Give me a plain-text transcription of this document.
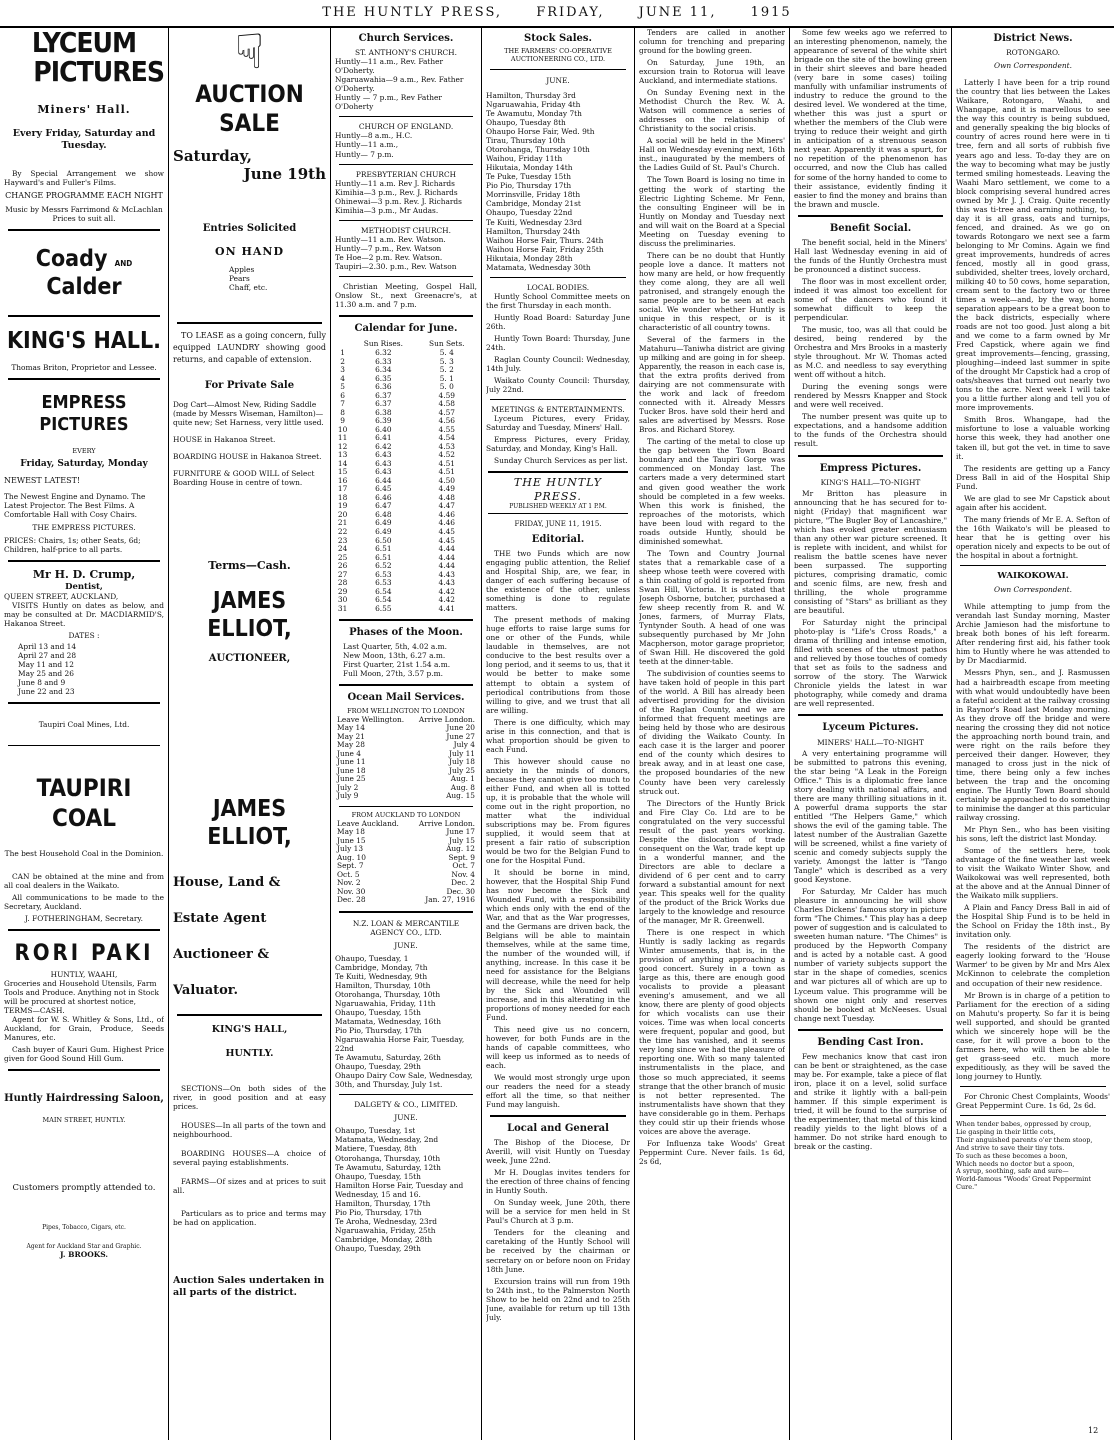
THE HUNTLY PRESS,	FRIDAY,	JUNE 11,	1915
LYCEUM
PICTURES
Miners' Hall.
Every Friday, Saturday and Tuesday.

By Special Arrangement we show Hayward's and Fuller's Films.

CHANGE PROGRAMME EACH NIGHT
Music by Messrs Farrimond & McLachlan Prices to suit all.
Coady AND Calder
KING'S HALL.
Thomas Briton, Proprietor and Lessee.
EMPRESS PICTURES
EVERY
Friday, Saturday, Monday
NEWEST LATEST!
The Newest Engine and Dynamo. The Latest Projector. The Best Films. A Comfortable Hall with Cosy Chairs.
THE EMPRESS PICTURES.
PRICES: Chairs, 1s; other Seats, 6d; Children, half-price to all parts.
Mr H. D. Crump,
Dentist,
QUEEN STREET, AUCKLAND,

VISITS Huntly on dates as below, and may be consulted at Dr. MACDIARMID'S, Hakanoa Street.

DATES :
April 13 and 14
April 27 and 28
May 11 and 12
May 25 and 26
June 8 and 9
June 22 and 23
Taupiri Coal Mines, Ltd.
TAUPIRI COAL
The best Household Coal in the Dominion.

CAN be obtained at the mine and from all coal dealers in the Waikato.

All communications to be made to the Secretary, Auckland.

J. FOTHERINGHAM, Secretary.
RORI PAKI
HUNTLY, WAAHI,
Groceries and Household Utensils, Farm Tools and Produce. Anything not in Stock will be procured at shortest notice, TERMS—CASH.

Agent for W. S. Whitley & Sons, Ltd., of Auckland, for Grain, Produce, Seeds Manures, etc.

Cash buyer of Kauri Gum. Highest Price given for Good Sound Hill Gum.

Huntly Hairdressing Saloon,
MAIN STREET, HUNTLY.
Customers promptly attended to.
Pipes, Tobacco, Cigars, etc.
Agent for Auckland Star and Graphic.
J. BROOKS.
☟
AUCTION SALE
Saturday,
June 19th
Entries Solicited
ON HAND
Apples
Pears
Chaff, etc.

TO LEASE as a going concern, fully equipped LAUNDRY showing good returns, and capable of extension.

For Private Sale
Dog Cart—Almost New, Riding Saddle (made by Messrs Wiseman, Hamilton)—quite new; Set Harness, very little used.
HOUSE in Hakanoa Street.
BOARDING HOUSE in Hakanoa Street.
FURNITURE & GOOD WILL of Select Boarding House in centre of town.
Terms—Cash.
JAMES ELLIOT,
AUCTIONEER,
JAMES ELLIOT,
House, Land &
Estate Agent
Auctioneer &
Valuator.
KING'S HALL,
HUNTLY.

SECTIONS—On both sides of the river, in good position and at easy prices.

HOUSES—In all parts of the town and neighbourhood.

BOARDING HOUSES—A choice of several paying establishments.

FARMS—Of sizes and at prices to suit all.

Particulars as to price and terms may be had on application.

Auction Sales undertaken in all parts of the district.
Church Services.
ST. ANTHONY'S CHURCH.
Huntly—11 a.m., Rev. Father O'Doherty.
Ngaruawahia—9 a.m., Rev. Father O'Doherty.
Huntly — 7 p.m., Rev Father O'Doherty
CHURCH OF ENGLAND.
Huntly—8 a.m., H.C.
Huntly—11 a.m.,
Huntly— 7 p.m.
PRESBYTERIAN CHURCH
Huntly—11 a.m. Rev J. Richards
Kimihia—3 p.m., Rev. J. Richards
Ohinewai—3 p.m. Rev. J. Richards
Kimihia—3 p.m., Mr Audas.
METHODIST CHURCH.
Huntly—11 a.m. Rev. Watson.
Huntly—7 p.m., Rev. Watson
Te Hoe—2 p.m. Rev. Watson.
Taupiri—2.30. p.m., Rev. Watson

Christian Meeting, Gospel Hall, Onslow St., next Greenacre's, at 11.30 a.m. and 7 p.m.

Calendar for June.
	Sun Rises.	Sun Sets.
1	6.32	5. 4
2	6.33	5. 3
3	6.34	5. 2
4	6.35	5. 1
5	6.36	5. 0
6	6.37	4.59
7	6.37	4.58
8	6.38	4.57
9	6.39	4.56
10	6.40	4.55
11	6.41	4.54
12	6.42	4.53
13	6.43	4.52
14	6.43	4.51
15	6.43	4.51
16	6.44	4.50
17	6.45	4.49
18	6.46	4.48
19	6.47	4.47
20	6.48	4.46
21	6.49	4.46
22	6.49	4.45
23	6.50	4.45
24	6.51	4.44
25	6.51	4.44
26	6.52	4.44
27	6.53	4.43
28	6.53	4.43
29	6.54	4.42
30	6.54	4.42
31	6.55	4.41
Phases of the Moon.
Last Quarter, 5th, 4.02 a.m.
New Moon, 13th, 6.27 a.m.
First Quarter, 21st 1.54 a.m.
Full Moon, 27th, 3.57 p.m.
Ocean Mail Services.
FROM WELLINGTON TO LONDON
Leave Wellington.	Arrive London.
May 14	June 20
May 21	June 27
May 28	July 4
June 4	July 11
June 11	July 18
June 18	July 25
June 25	Aug. 1
July 2	Aug. 8
July 9	Aug. 15
FROM AUCKLAND TO LONDON
Leave Auckland.	Arrive London.
May 18	June 17
June 15	July 15
July 13	Aug. 12
Aug. 10	Sept. 9
Sept. 7	Oct. 7
Oct. 5	Nov. 4
Nov. 2	Dec. 2
Nov. 30	Dec. 30
Dec. 28	Jan. 27, 1916
N.Z. LOAN & MERCANTILE AGENCY CO., LTD.
JUNE.
Ohaupo, Tuesday, 1
Cambridge, Monday, 7th
Te Kuiti, Wednesday, 9th
Hamilton, Thursday, 10th
Otorohanga, Thursday, 10th
Ngaruawahia, Friday, 11th
Ohaupo, Tuesday, 15th
Matamata, Wednesday, 16th
Pio Pio, Thursday, 17th
Ngaruawahia Horse Fair, Tuesday, 22nd
Te Awamutu, Saturday, 26th
Ohaupo, Tuesday, 29th
Ohaupo Dairy Cow Sale, Wednesday, 30th, and Thursday, July 1st.
DALGETY & CO., LIMITED.
JUNE.
Ohaupo, Tuesday, 1st
Matamata, Wednesday, 2nd
Matiere, Tuesday, 8th
Otorohanga, Thursday, 10th
Te Awamutu, Saturday, 12th
Ohaupo, Tuesday, 15th
Hamilton Horse Fair, Tuesday and Wednesday, 15 and 16.
Hamilton, Thursday, 17th
Pio Pio, Thursday, 17th
Te Aroha, Wednesday, 23rd
Ngaruawahia, Friday, 25th
Cambridge, Monday, 28th
Ohaupo, Tuesday, 29th
Stock Sales.
THE FARMERS' CO-OPERATIVE AUCTIONEERING CO., LTD.
JUNE.
Hamilton, Thursday 3rd
Ngaruawahia, Friday 4th
Te Awamutu, Monday 7th
Ohaupo, Tuesday 8th
Ohaupo Horse Fair, Wed. 9th
Tirau, Thursday 10th
Otorohanga, Thursday 10th
Waihou, Friday 11th
Hikutaia, Monday 14th
Te Puke, Tuesday 15th
Pio Pio, Thursday 17th
Morrinsville, Friday 18th
Cambridge, Monday 21st
Ohaupo, Tuesday 22nd
Te Kuiti, Wednesday 23rd
Hamilton, Thursday 24th
Waihou Horse Fair, Thurs. 24th
Waihou Horse Fair, Friday 25th
Hikutaia, Monday 28th
Matamata, Wednesday 30th
LOCAL BODIES.

Huntly School Committee meets on the first Thursday in each month.

Huntly Road Board: Saturday June 26th.

Huntly Town Board: Thursday, June 24th.

Raglan County Council: Wednesday, 14th July.

Waikato County Council: Thursday, July 22nd.

MEETINGS & ENTERTAINMENTS.

Lyceum Pictures, every Friday, Saturday and Tuesday, Miners' Hall.

Empress Pictures, every Friday, Saturday, and Monday, King's Hall.

Sunday Church Services as per list.

THE HUNTLY PRESS.
PUBLISHED WEEKLY AT 1 P.M.
FRIDAY, JUNE 11, 1915.
Editorial.

THE two Funds which are now engaging public attention, the Relief and Hospital Ship, are, we fear, in danger of each suffering because of the existence of the other, unless something is done to regulate matters.

The present methods of making huge efforts to raise large sums for one or other of the Funds, while laudable in themselves, are not conducive to the best results over a long period, and it seems to us, that it would be better to make some attempt to obtain a system of periodical contributions from those willing to give, and we trust that all are willing.

There is one difficulty, which may arise in this connection, and that is what proportion should be given to each Fund.

This however should cause no anxiety in the minds of donors, because they cannot give too much to either Fund, and when all is totted up, it is probable that the whole will come out in the right proportion, no matter what the individual subscriptions may be. From figures supplied, it would seem that at present a fair ratio of subscription would be two for the Belgian Fund to one for the Hospital Fund.

It should be borne in mind, however, that the Hospital Ship Fund has now become the Sick and Wounded Fund, with a responsibility which ends only with the end of the War, and that as the War progresses, and the Germans are driven back, the Belgians will be able to maintain themselves, while at the same time, the number of the wounded will, if anything, increase. In this case it be need for assistance for the Belgians will decrease, while the need for help by the Sick and Wounded will increase, and in this alterating in the proportions of money needed for each Fund.

This need give us no concern, however, for both Funds are in the hands of capable committees, who will keep us informed as to needs of each.

We would most strongly urge upon our readers the need for a steady effort all the time, so that neither Fund may languish.

Local and General

The Bishop of the Diocese, Dr Averill, will visit Huntly on Tuesday week, June 22nd.

Mr H. Douglas invites tenders for the erection of three chains of fencing in Huntly South.

On Sunday week, June 20th, there will be a service for men held in St Paul's Church at 3 p.m.

Tenders for the cleaning and caretaking of the Huntly School will be received by the chairman or secretary on or before noon on Friday 18th June.

Excursion trains will run from 19th to 24th inst., to the Palmerston North Show to be held on 22nd and to 25th June, available for return up till 13th July.

Tenders are called in another column for trenching and preparing ground for the bowling green.

On Saturday, June 19th, an excursion train to Rotorua will leave Auckland, and intermediate stations.

On Sunday Evening next in the Methodist Church the Rev. W. A. Watson will commence a series of addresses on the relationship of Christianity to the social crisis.

A social will be held in the Miners' Hall on Wednesday evening next, 16th inst., inaugurated by the members of the Ladies Guild of St. Paul's Church.

The Town Board is losing no time in getting the work of starting the Electric Lighting Scheme. Mr Fenn, the consulting Engineer will be in Huntly on Monday and Tuesday next and will wait on the Board at a Special Meeting on Tuesday evening to discuss the preliminaries.

There can be no doubt that Huntly people love a dance. It matters not how many are held, or how frequently they come along, they are all well patronised, and strangely enough the same people are to be seen at each social. We wonder whether Huntly is unique in this respect, or is it characteristic of all country towns.

Several of the farmers in the Matahuru—Taniwha district are giving up milking and are going in for sheep. Apparently, the reason in each case is, that the extra profits derived from dairying are not commensurate with the work and lack of freedom connected with it. Already Messrs Tucker Bros. have sold their herd and sales are advertised by Messrs. Rose Bros. and Richard Storey.

The carting of the metal to close up the gap between the Town Board boundary and the Taupiri Gorge was commenced on Monday last. The carters made a very determined start and given good weather the work should be completed in a few weeks. When this work is finished, the reproaches of the motorists, which have been loud with regard to the roads outside Huntly, should be diminished somewhat.

The Town and Country Journal states that a remarkable case of a sheep whose teeth were covered with a thin coating of gold is reported from Swan Hill, Victoria. It is stated that Joseph Osborne, butcher, purchased a few sheep recently from R. and W. Jones, farmers, of Murray Flats, Tyntynder South. A head of one was subsequently purchased by Mr John Macpherson, motor garage proprietor, of Swan Hill. He discovered the gold teeth at the dinner-table.

The subdivision of counties seems to have taken hold of people in this part of the world. A Bill has already been advertised providing for the division of the Raglan County, and we are informed that frequent meetings are being held by those who are desirous of dividing the Waikato County. In each case it is the larger and poorer end of the county which desires to break away, and in at least one case, the proposed boundaries of the new County have been very carelessly struck out.

The Directors of the Huntly Brick and Fire Clay Co. Ltd are to be congratulated on the very successful result of the past years working. Despite the dislocation of trade consequent on the War, trade kept up in a wonderful manner, and the Directors are able to declare a dividend of 6 per cent and to carry forward a substantial amount for next year. This speaks well for the quality of the product of the Brick Works due largely to the knowledge and resource of the manager, Mr R. Greenwell.

There is one respect in which Huntly is sadly lacking as regards Winter amusements, that is, in the provision of anything approaching a good concert. Surely in a town as large as this, there are enough good vocalists to provide a pleasant evening's amusement, and we all know, there are plenty of good objects for which vocalists can use their voices. Time was when local concerts were frequent, popular and good, but the time has vanished, and it seems very long since we had the pleasure of reporting one. With so many talented instrumentalists in the place, and those so much appreciated, it seems strange that the other branch of music is not better represented. The instrumentalists have shown that they have considerable go in them. Perhaps they could stir up their friends whose voices are above the average.

For Influenza take Woods' Great Peppermint Cure. Never fails. 1s 6d, 2s 6d,

Some few weeks ago we referred to an interesting phenomenon, namely, the appearance of several of the white shirt brigade on the site of the bowling green in their shirt sleeves and bare headed (very bare in some cases) toiling manfully with unfamiliar instruments of industry to reduce the ground to the desired level. We wondered at the time, whether this was just a spurt or whether the members of the Club were trying to reduce their weight and girth in anticipation of a strenuous season next year. Apparently it was a spurt, for no repetition of the phenomenon has occurred, and now the Club has called for some of the horny handed to come to their assistance, evidently finding it easier to find the money and brains than the brawn and muscle.

Benefit Social.

The benefit social, held in the Miners' Hall last Wednesday evening in aid of the funds of the Huntly Orchestra must be pronounced a distinct success.

The floor was in most excellent order, indeed it was almost too excellent for some of the dancers who found it somewhat difficult to keep the perpendicular.

The music, too, was all that could be desired, being rendered by the Orchestra and Mrs Brooks in a masterly style throughout. Mr W. Thomas acted as M.C. and needless to say everything went off without a hitch.

During the evening songs were rendered by Messrs Knapper and Stock and were well received.

The number present was quite up to expectations, and a handsome addition to the funds of the Orchestra should result.

Empress Pictures.
KING'S HALL—TO-NIGHT

Mr Britton has pleasure in announcing that he has secured for to-night (Friday) that magnificent war picture, "The Bugler Boy of Lancashire," which has evoked greater enthusiasm than any other war picture screened. It is replete with incident, and whilst for realism the battle scenes have never been surpassed. The supporting pictures, comprising dramatic, comic and scenic films, are new, fresh and thrilling, the whole programme consisting of "Stars" as brilliant as they are beautiful.

For Saturday night the principal photo-play is "Life's Cross Roads," a drama of thrilling and intense emotion, filled with scenes of the utmost pathos and relieved by those touches of comedy that set as foils to the sadness and sorrow of the story. The Warwick Chronicle yields the latest in war photography, while comedy and drama are well represented.

Lyceum Pictures.
MINERS' HALL—TO-NIGHT

A very entertaining programme will be submitted to patrons this evening, the star being "A Leak in the Foreign Office." This is a diplomatic free lance story dealing with national affairs, and there are many thrilling situations in it. A powerful drama supports the star entitled "The Helpers Game," which shows the evil of the gaming table. The latest number of the Australian Gazette will be screened, whilst a fine variety of scenic and comedy subjects supply the variety. Amongst the latter is "Tango Tangle" which is described as a very good Keystone.

For Saturday, Mr Calder has much pleasure in announcing he will show Charles Dickens' famous story in picture form "The Chimes." This play has a deep power of suggestion and is calculated to sweeten human nature. "The Chimes" is produced by the Hepworth Company and is acted by a notable cast. A good number of variety subjects support the star in the shape of comedies, scenics and war pictures all of which are up to Lyceum value. This programme will be shown one night only and reserves should be booked at McNeeses. Usual change next Tuesday.

Bending Cast Iron.

Few mechanics know that cast iron can be bent or straightened, as the case may be. For example, take a piece of flat iron, place it on a level, solid surface and strike it lightly with a ball-pein hammer. If this simple experiment is tried, it will be found to the surprise of the experimenter, that metal of this kind readily yields to the light blows of a hammer. Do not strike hard enough to break or the casting.

District News.
ROTONGARO.
Own Correspondent.

Latterly I have been for a trip round the country that lies between the Lakes Waikare, Rotongaro, Waahi, and Whangape, and it is marvellous to see the way this country is being subdued, and generally speaking the big blocks of country of acres round here were in ti tree, fern and all sorts of rubbish five years ago and less. To-day they are on the way to becoming what may be justly termed smiling homesteads. Leaving the Waahi Maro settlement, we come to a block comprising several hundred acres owned by Mr J. J. Craig. Quite recently this was ti-tree and earning nothing, to-day it is all grass, oats and turnips, fenced, and drained. As we go on towards Rotongaro we next see a farm belonging to Mr Comins. Again we find great improvements, hundreds of acres fenced, mostly all in good grass, subdivided, shelter trees, lovely orchard, milking 40 to 50 cows, home separation, cream sent to the factory two or three times a week—and, by the way, home separation appears to be a great boon to the back districts, especially where roads are not too good. Just along a bit and we come to a farm owned by Mr Fred Capstick, where again we find great improvements—fencing, grassing, ploughing—indeed last summer in spite of the drought Mr Capstick had a crop of oats/sheaves that turned out nearly two tons to the acre. Next week I will take you a little further along and tell you of more improvements.

Smith Bros. Whangape, had the misfortune to lose a valuable working horse this week, they had another one taken ill, but got the vet. in time to save it.

The residents are getting up a Fancy Dress Ball in aid of the Hospital Ship Fund.

We are glad to see Mr Capstick about again after his accident.

The many friends of Mr E. A. Sefton of the 16th Waikato's will be pleased to hear that he is getting over his operation nicely and expects to be out of the hospital in about a fortnight.

WAIKOKOWAI.
Own Correspondent.

While attempting to jump from the verandah last Sunday morning, Master Archie Jamieson had the misfortune to break both bones of his left forearm. After rendering first aid, his father took him to Huntly where he was attended to by Dr Macdiarmid.

Messrs Phyn, sen., and J. Rasmussen had a hairbreadth escape from meeting with what would undoubtedly have been a fateful accident at the railway crossing in Raynor's Road last Monday morning. As they drove off the bridge and were nearing the crossing they did not notice the approaching north bound train, and were right on the rails before they perceived their danger. However, they managed to cross just in the nick of time, there being only a few inches between the trap and the oncoming engine. The Huntly Town Board should certainly be approached to do something to minimise the danger at this particular railway crossing.

Mr Phyn Sen., who has been visiting his sons, left the district last Monday.

Some of the settlers here, took advantage of the fine weather last week to visit the Waikato Winter Show, and Waikokowai was well represented, both at the above and at the Annual Dinner of the Waikato milk suppliers.

A Plain and Fancy Dress Ball in aid of the Hospital Ship Fund is to be held in the School on Friday the 18th inst., By invitation only.

The residents of the district are eagerly looking forward to the 'House Warmer' to be given by Mr and Mrs Alex McKinnon to celebrate the completion and occupation of their new residence.

Mr Brown is in charge of a petition to Parliament for the erection of a siding on Mahutu's property. So far it is being well supported, and should be granted which we sincerely hope will be the case, for it will prove a boon to the farmers here, who will then be able to get grass-seed etc. much more expeditiously, as they will be saved the long journey to Huntly.

For Chronic Chest Complaints, Woods' Great Peppermint Cure. 1s 6d, 2s 6d.

When tender babes, oppressed by croup,
Lie gasping in their little cots,
Their anguished parents o'er them stoop,
And strive to save their tiny tots.
To such as these becomes a boon,
Which needs no doctor but a spoon,
A syrup, soothing, safe and sure—
World-famous "Woods' Great Peppermint Cure."
12
